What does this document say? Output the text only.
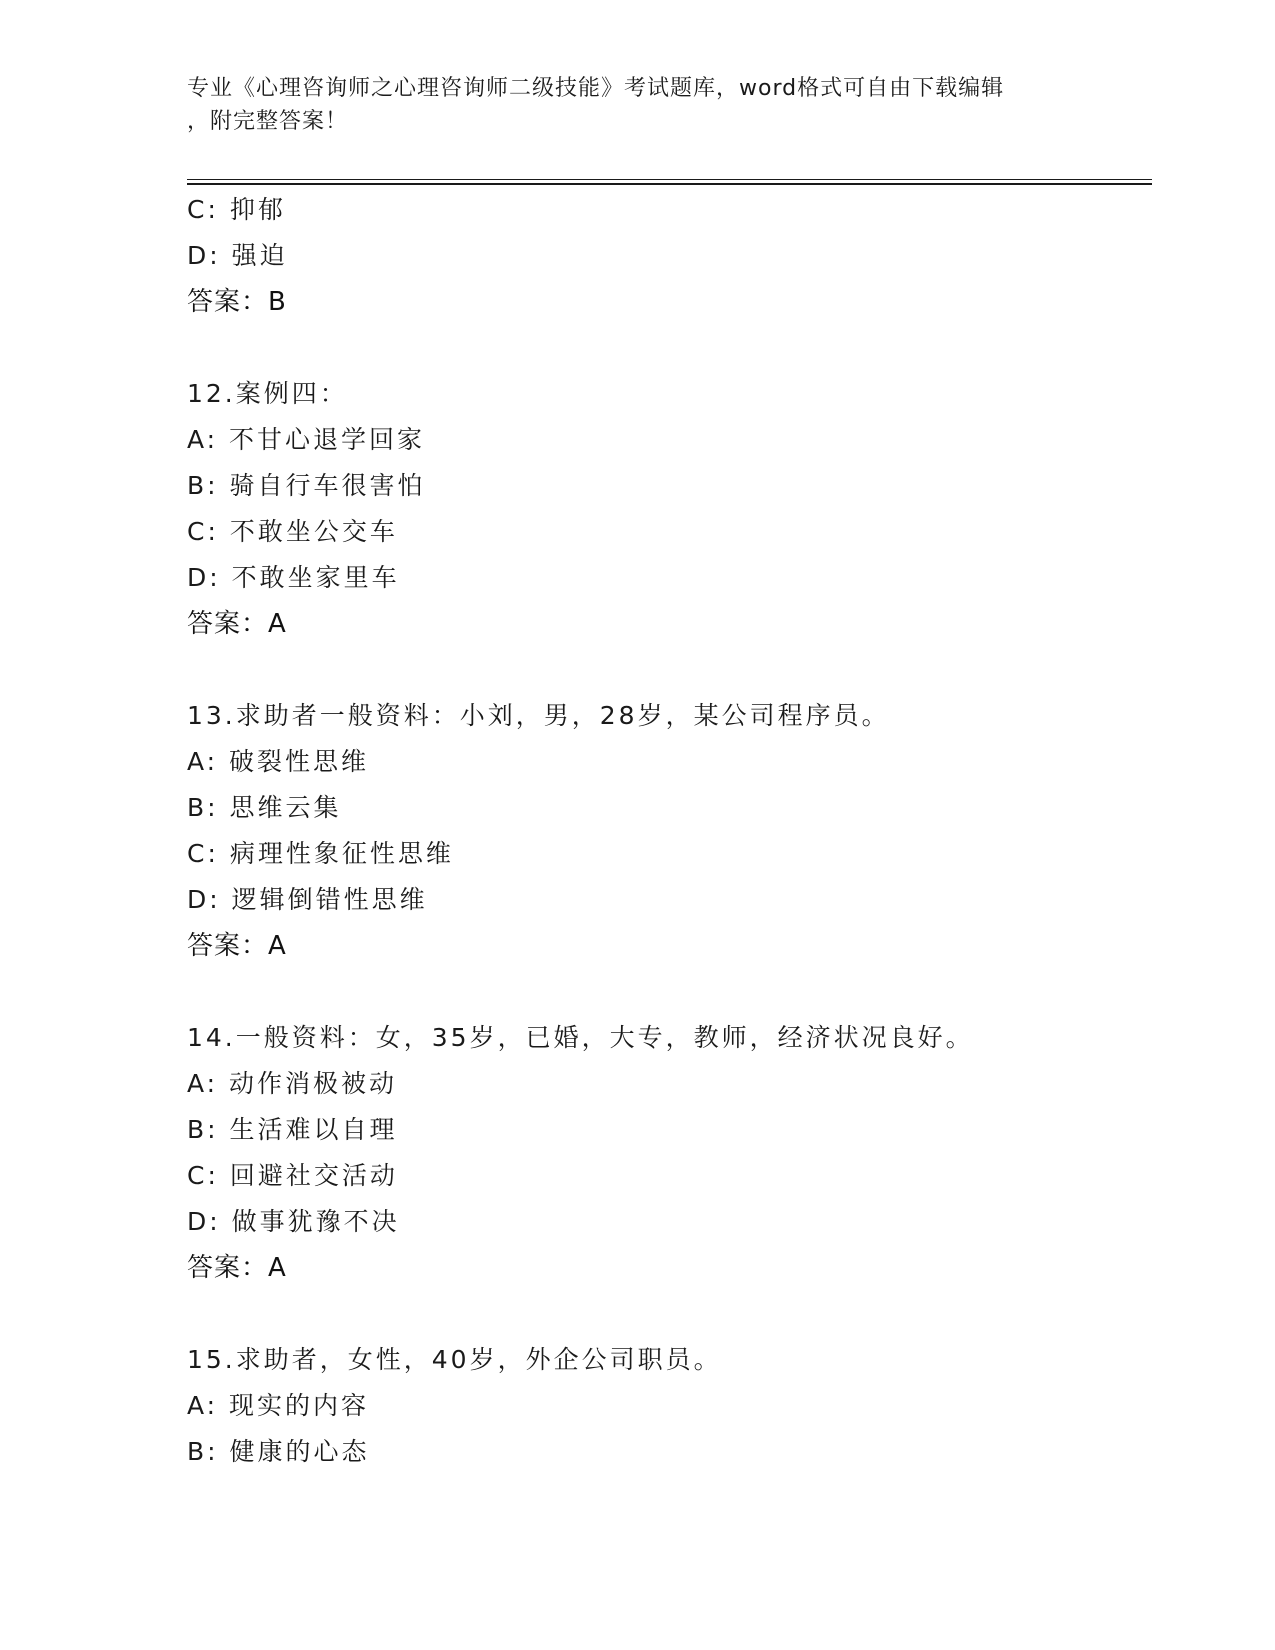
专业《心理咨询师之心理咨询师二级技能》考试题库，word格式可自由下载编辑
，附完整答案！
C: 抑郁
D: 强迫
答案：B
12.案例四：
A: 不甘心退学回家
B: 骑自行车很害怕
C: 不敢坐公交车
D: 不敢坐家里车
答案：A
13.求助者一般资料：小刘，男，28岁，某公司程序员。
A: 破裂性思维
B: 思维云集
C: 病理性象征性思维
D: 逻辑倒错性思维
答案：A
14.一般资料：女，35岁，已婚，大专，教师，经济状况良好。
A: 动作消极被动
B: 生活难以自理
C: 回避社交活动
D: 做事犹豫不决
答案：A
15.求助者，女性，40岁，外企公司职员。
A: 现实的内容
B: 健康的心态
